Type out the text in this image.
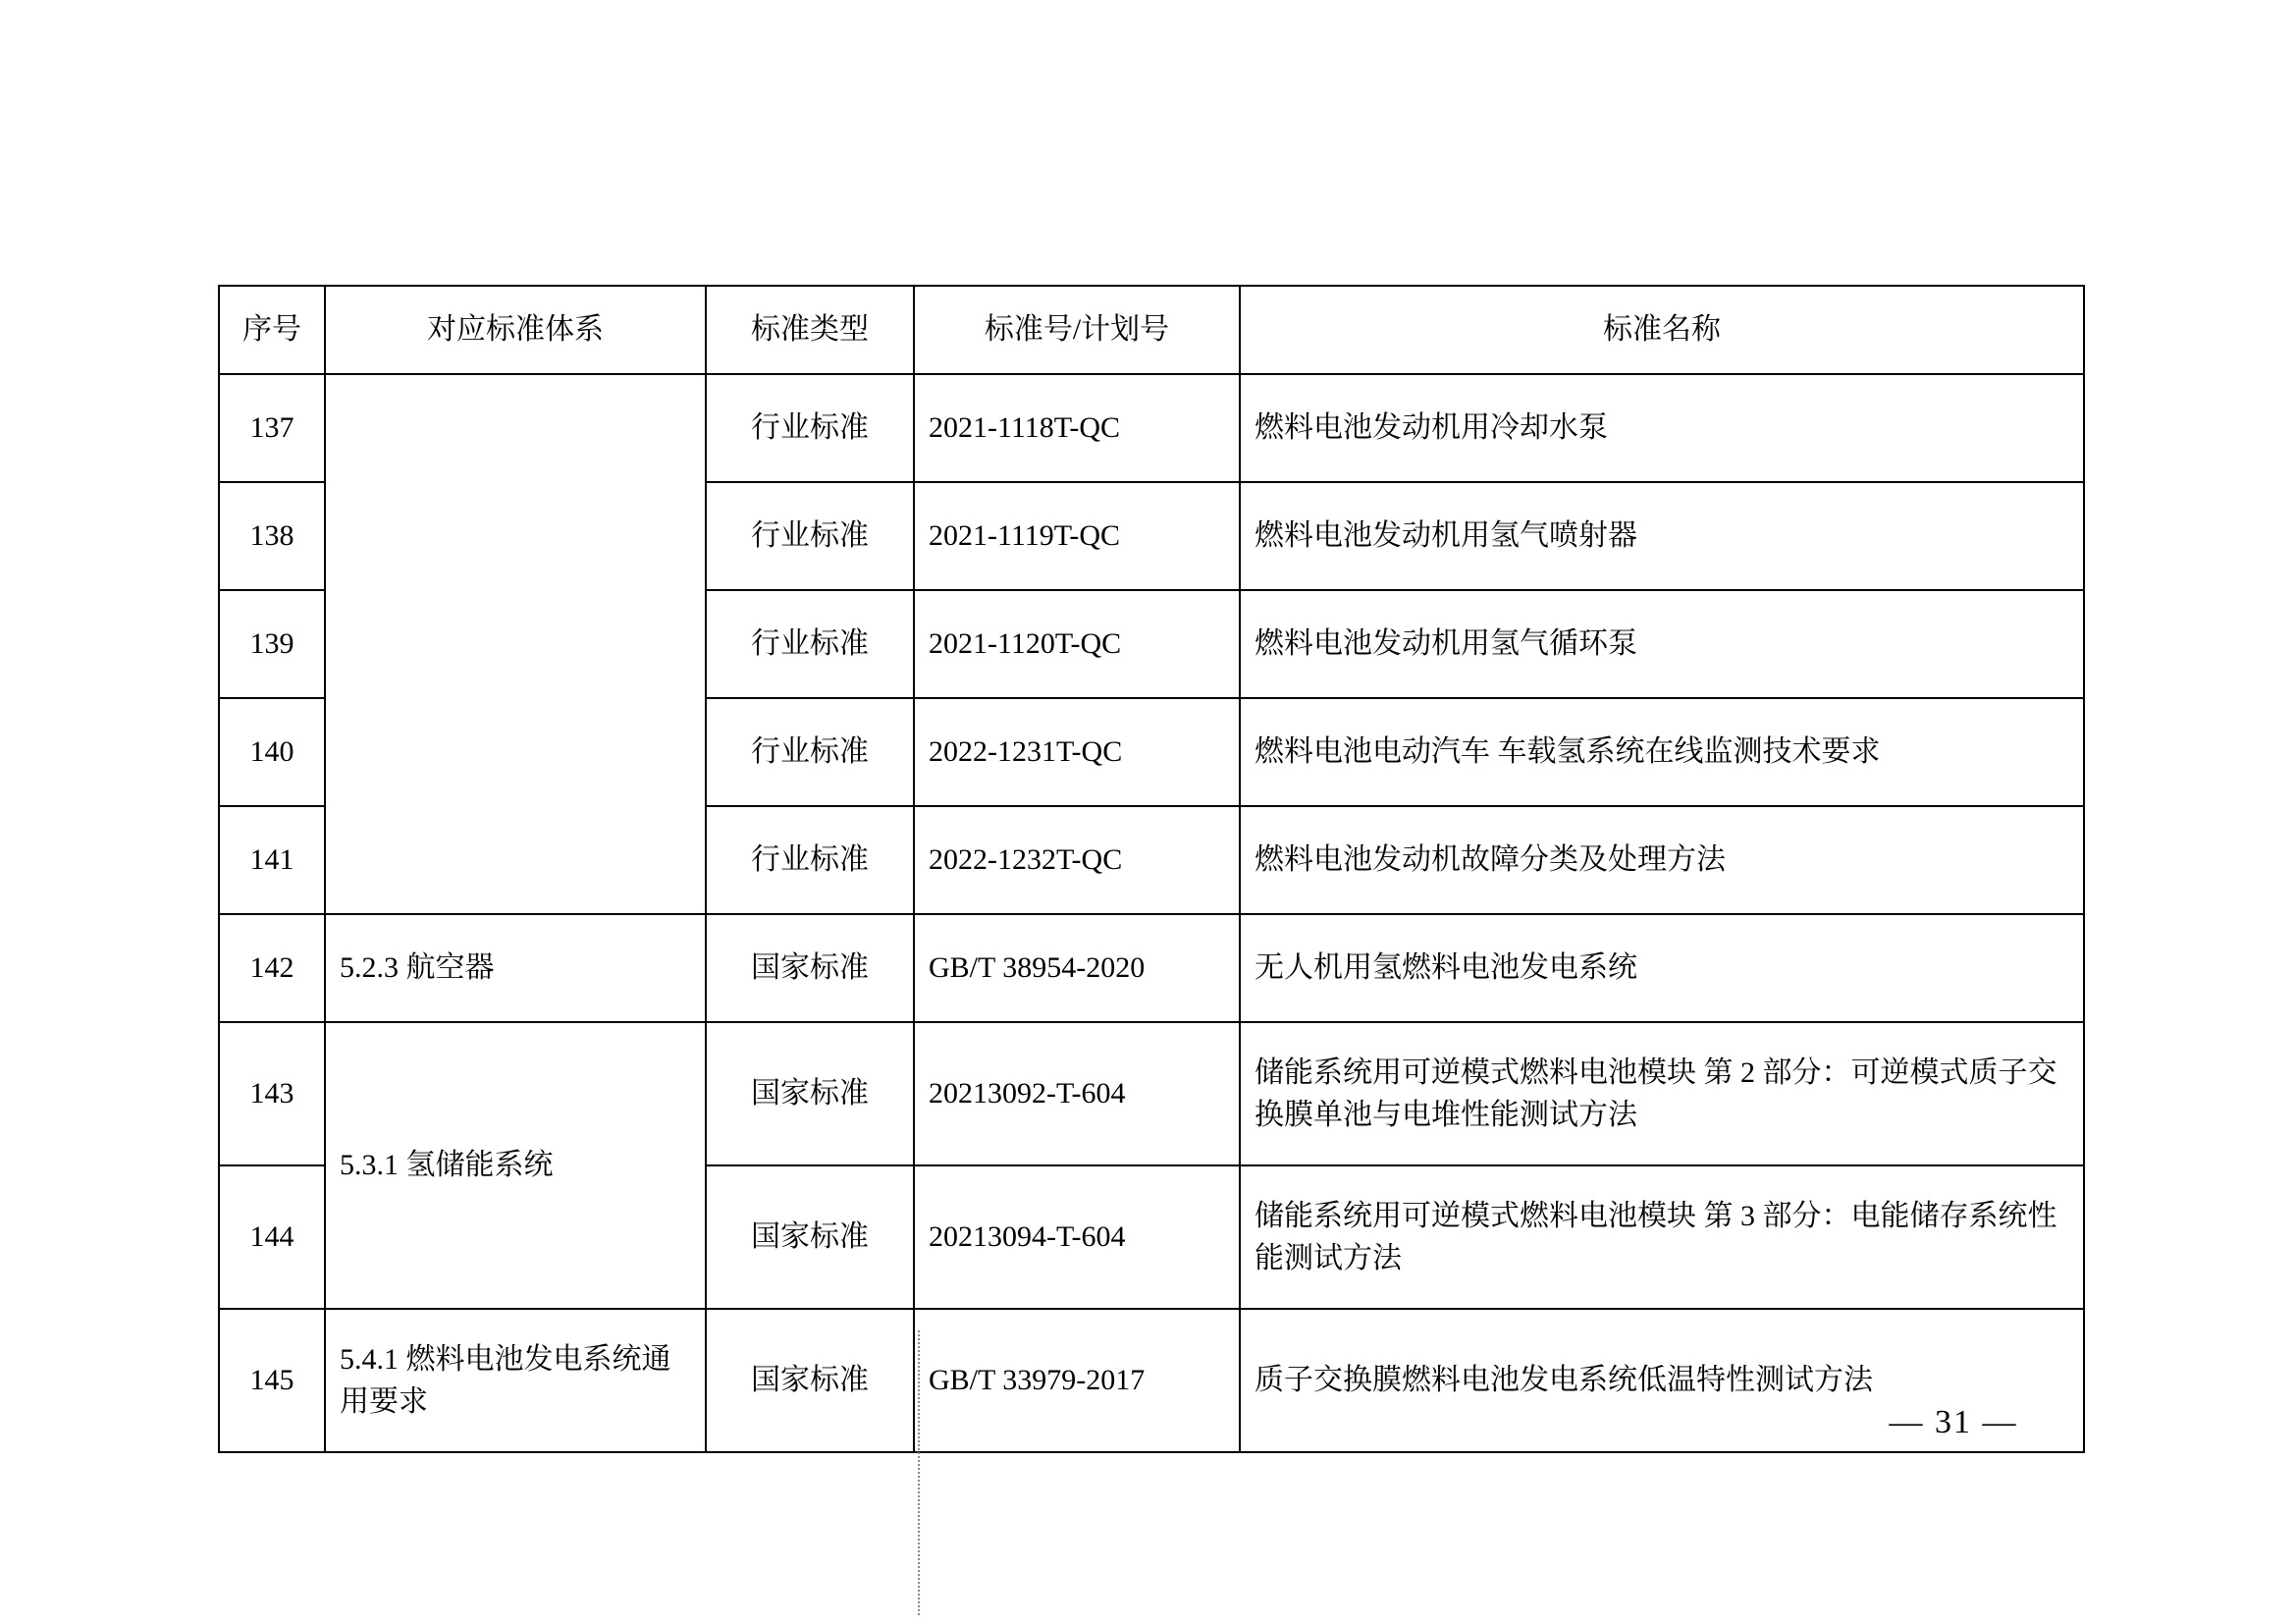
序号	对应标准体系	标准类型	标准号/计划号	标准名称
137		行业标准	2021-1118T-QC	燃料电池发动机用冷却水泵
138		行业标准	2021-1119T-QC	燃料电池发动机用氢气喷射器
139		行业标准	2021-1120T-QC	燃料电池发动机用氢气循环泵
140		行业标准	2022-1231T-QC	燃料电池电动汽车 车载氢系统在线监测技术要求
141		行业标准	2022-1232T-QC	燃料电池发动机故障分类及处理方法
142	5.2.3 航空器	国家标准	GB/T 38954-2020	无人机用氢燃料电池发电系统
143	5.3.1 氢储能系统	国家标准	20213092-T-604	储能系统用可逆模式燃料电池模块 第 2 部分：可逆模式质子交换膜单池与电堆性能测试方法
144		国家标准	20213094-T-604	储能系统用可逆模式燃料电池模块 第 3 部分：电能储存系统性能测试方法
145	5.4.1 燃料电池发电系统通用要求	国家标准	GB/T 33979-2017	质子交换膜燃料电池发电系统低温特性测试方法
— 31 —
